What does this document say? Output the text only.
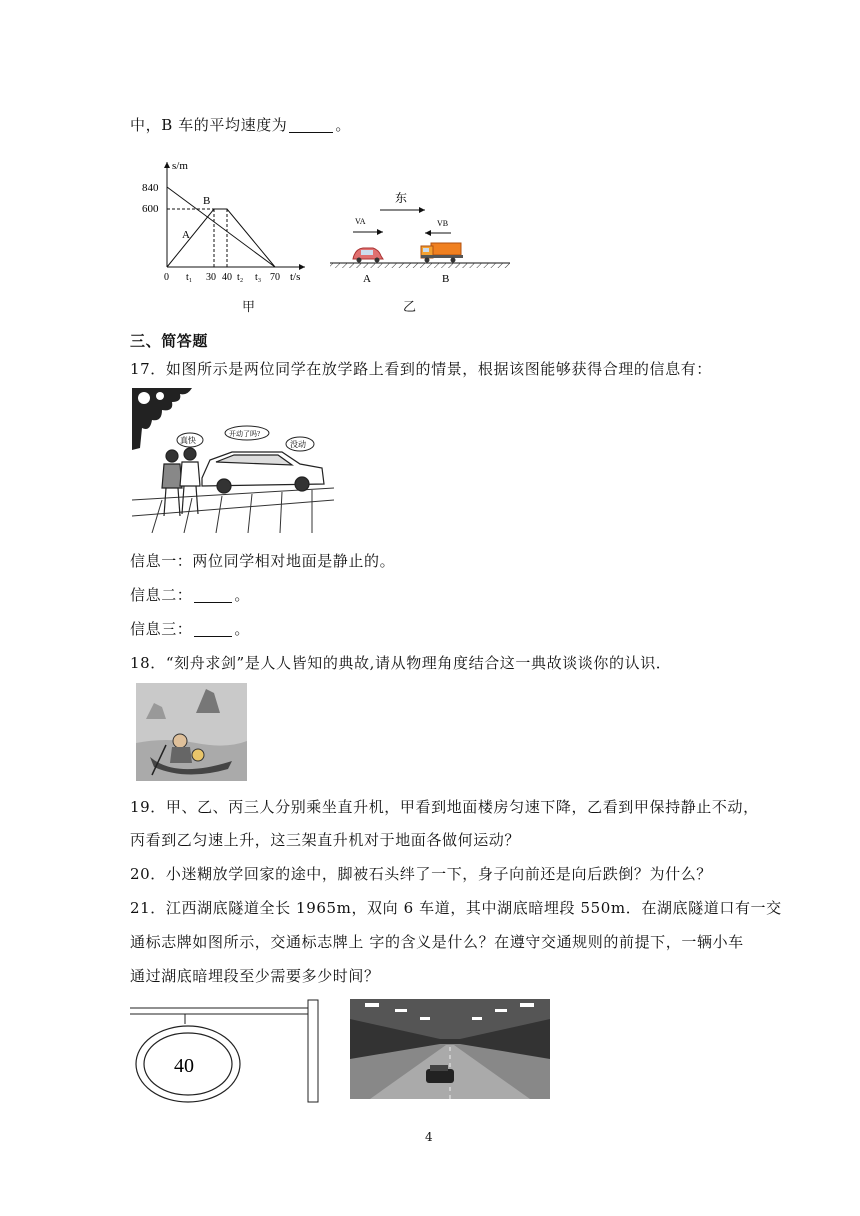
中，B 车的平均速度为	。
s/m
t/s
840
600
B
A
0 t₁ 30 40 t₂ t₃ 70
甲
东
VA	VB
A	B
乙
三、简答题
17．如图所示是两位同学在放学路上看到的情景，根据该图能够获得合理的信息有：
真快
开动了吗?
没动
信息一：两位同学相对地面是静止的。
信息二：	。
信息三：	。
18．“刻舟求剑”是人人皆知的典故,请从物理角度结合这一典故谈谈你的认识．
19．甲、乙、丙三人分别乘坐直升机，甲看到地面楼房匀速下降，乙看到甲保持静止不动，
丙看到乙匀速上升，这三架直升机对于地面各做何运动？
20．小迷糊放学回家的途中，脚被石头绊了一下，身子向前还是向后跌倒？为什么？
21．江西湖底隧道全长 1965m，双向 6 车道，其中湖底暗埋段 550m．在湖底隧道口有一交
通标志牌如图所示，交通标志牌上 字的含义是什么？在遵守交通规则的前提下，一辆小车
通过湖底暗埋段至少需要多少时间？
40
4
